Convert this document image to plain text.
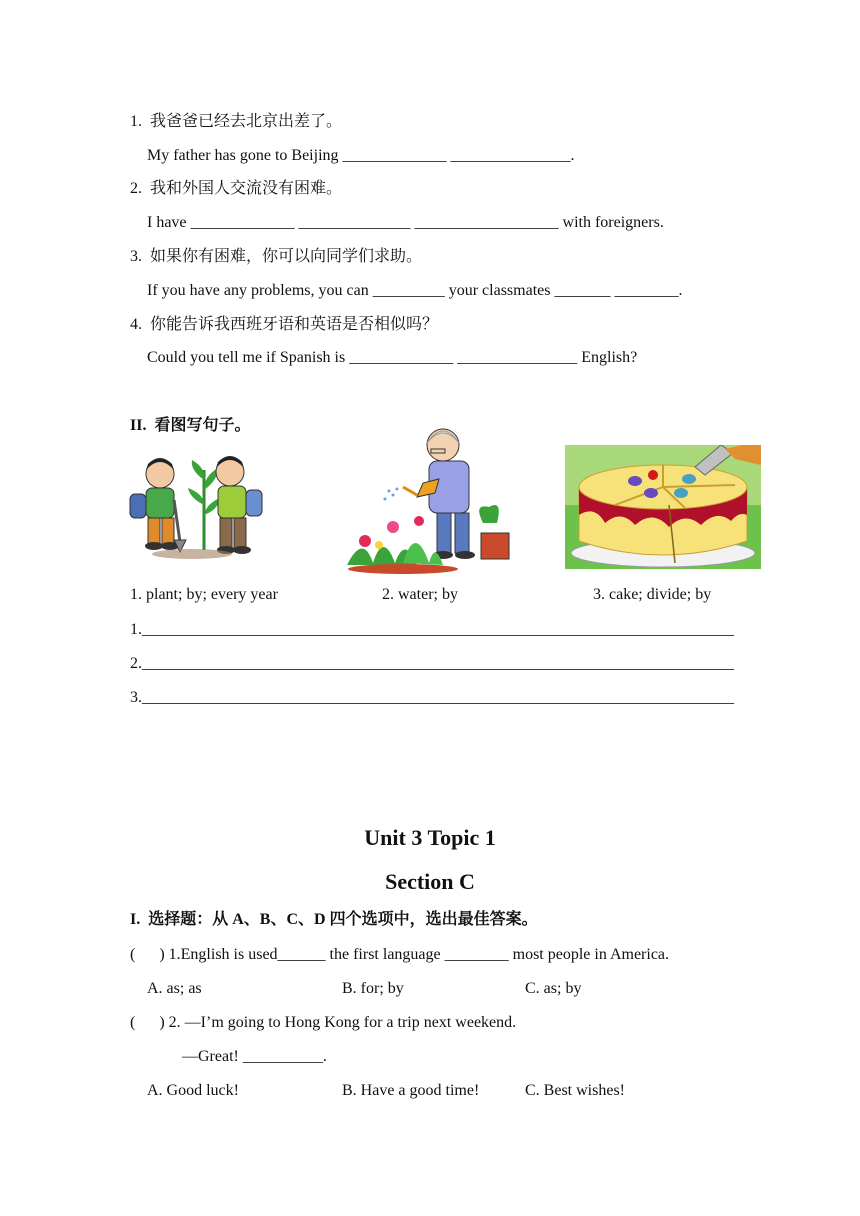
1.  我爸爸已经去北京出差了。
My father has gone to Beijing _____________ _______________.
2.  我和外国人交流没有困难。
I have _____________ ______________ __________________ with foreigners.
3.  如果你有困难，你可以向同学们求助。
If you have any problems, you can _________ your classmates _______ ________.
4.  你能告诉我西班牙语和英语是否相似吗？
Could you tell me if Spanish is _____________ _______________ English?
II.  看图写句子。
1. plant; by; every year	2. water; by	3. cake; divide; by
1.__________________________________________________________________________
2.__________________________________________________________________________
3.__________________________________________________________________________
Unit 3 Topic 1
Section C
I.  选择题：从 A、B、C、D 四个选项中，选出最佳答案。
(      ) 1.English is used______ the first language ________ most people in America.
A. as; as	B. for; by	C. as; by
(      ) 2. —I’m going to Hong Kong for a trip next weekend.
—Great! __________.
A. Good luck!	B. Have a good time!	C. Best wishes!
